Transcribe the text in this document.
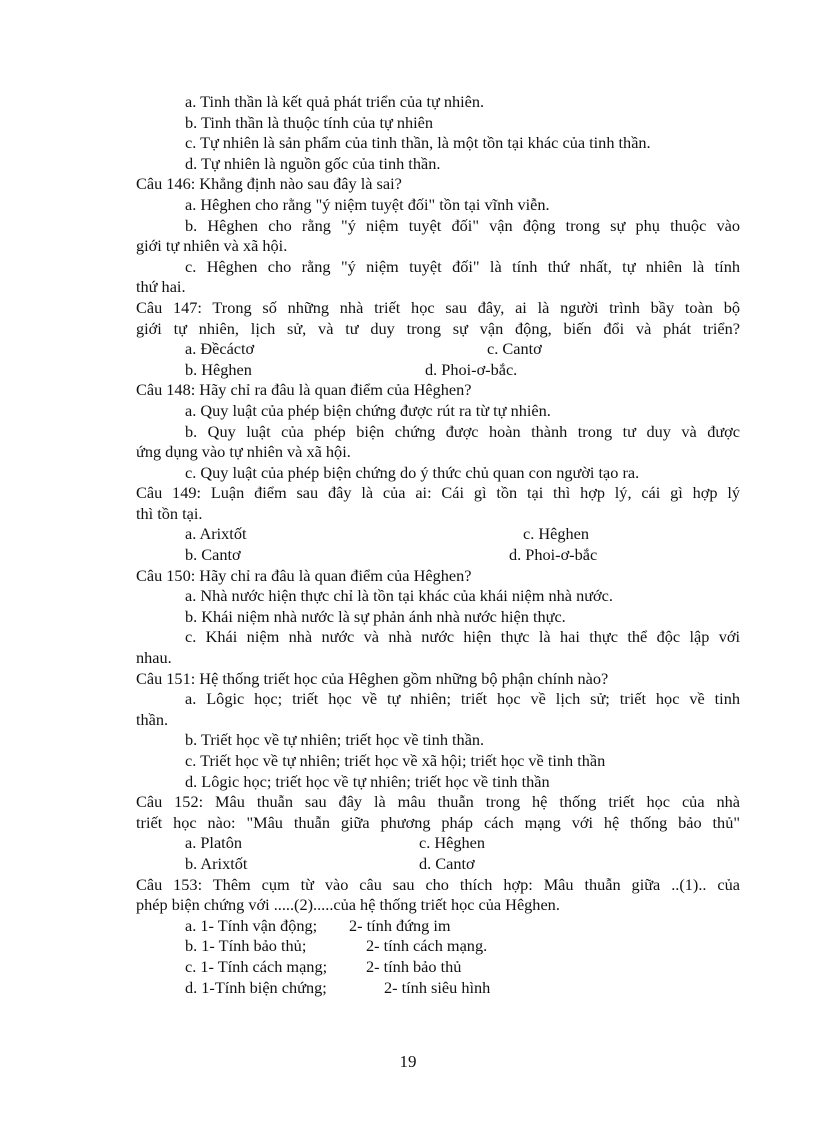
a. Tinh thần là kết quả phát triển của tự nhiên.
b. Tinh thần là thuộc tính của tự nhiên
c. Tự nhiên là sản phẩm của tinh thần, là một tồn tại khác của tinh thần.
d. Tự nhiên là nguồn gốc của tinh thần.
Câu 146: Khẳng định nào sau đây là sai?
a. Hêghen cho rằng "ý niệm tuyệt đối" tồn tại vĩnh viễn.
b. Hêghen cho rằng "ý niệm tuyệt đối" vận động trong sự phụ thuộc vào
giới tự nhiên và xã hội.
c. Hêghen cho rằng "ý niệm tuyệt đối" là tính thứ nhất, tự nhiên là tính
thứ hai.
Câu 147: Trong số những nhà triết học sau đây, ai là người trình bầy toàn bộ
giới tự nhiên, lịch sử, và tư duy trong sự vận động, biến đổi và phát triển?
a. Đềcáctơ	c. Cantơ
b. Hêghen	d. Phoi-ơ-bắc.
Câu 148: Hãy chỉ ra đâu là quan điểm của Hêghen?
a. Quy luật của phép biện chứng được rút ra từ tự nhiên.
b. Quy luật của phép biện chứng được hoàn thành trong tư duy và được
ứng dụng vào tự nhiên và xã hội.
c. Quy luật của phép biện chứng do ý thức chủ quan con người tạo ra.
Câu 149: Luận điểm sau đây là của ai: Cái gì tồn tại thì hợp lý, cái gì hợp lý
thì tồn tại.
a. Arixtốt	c. Hêghen
b. Cantơ	d. Phoi-ơ-bắc
Câu 150: Hãy chỉ ra đâu là quan điểm của Hêghen?
a. Nhà nước hiện thực chỉ là tồn tại khác của khái niệm nhà nước.
b. Khái niệm nhà nước là sự phản ánh nhà nước hiện thực.
c. Khái niệm nhà nước và nhà nước hiện thực là hai thực thể độc lập với
nhau.
Câu 151: Hệ thống triết học của Hêghen gồm những bộ phận chính nào?
a. Lôgic học; triết học về tự nhiên; triết học về lịch sử; triết học về tinh
thần.
b. Triết học về tự nhiên; triết học về tinh thần.
c. Triết học về tự nhiên; triết học về xã hội; triết học về tinh thần
d. Lôgic học; triết học về tự nhiên; triết học về tinh thần
Câu 152: Mâu thuẫn sau đây là mâu thuẫn trong hệ thống triết học của nhà
triết học nào: "Mâu thuẫn giữa phương pháp cách mạng với hệ thống bảo thủ"
a. Platôn	c. Hêghen
b. Arixtốt	d. Cantơ
Câu 153: Thêm cụm từ vào câu sau cho thích hợp: Mâu thuẫn giữa ..(1).. của
phép biện chứng với .....(2).....của hệ thống triết học của Hêghen.
a. 1- Tính vận động;	2- tính đứng im
b. 1- Tính bảo thủ;	2- tính cách mạng.
c. 1- Tính cách mạng;	2- tính bảo thủ
d. 1-Tính biện chứng;	2- tính siêu hình
19
